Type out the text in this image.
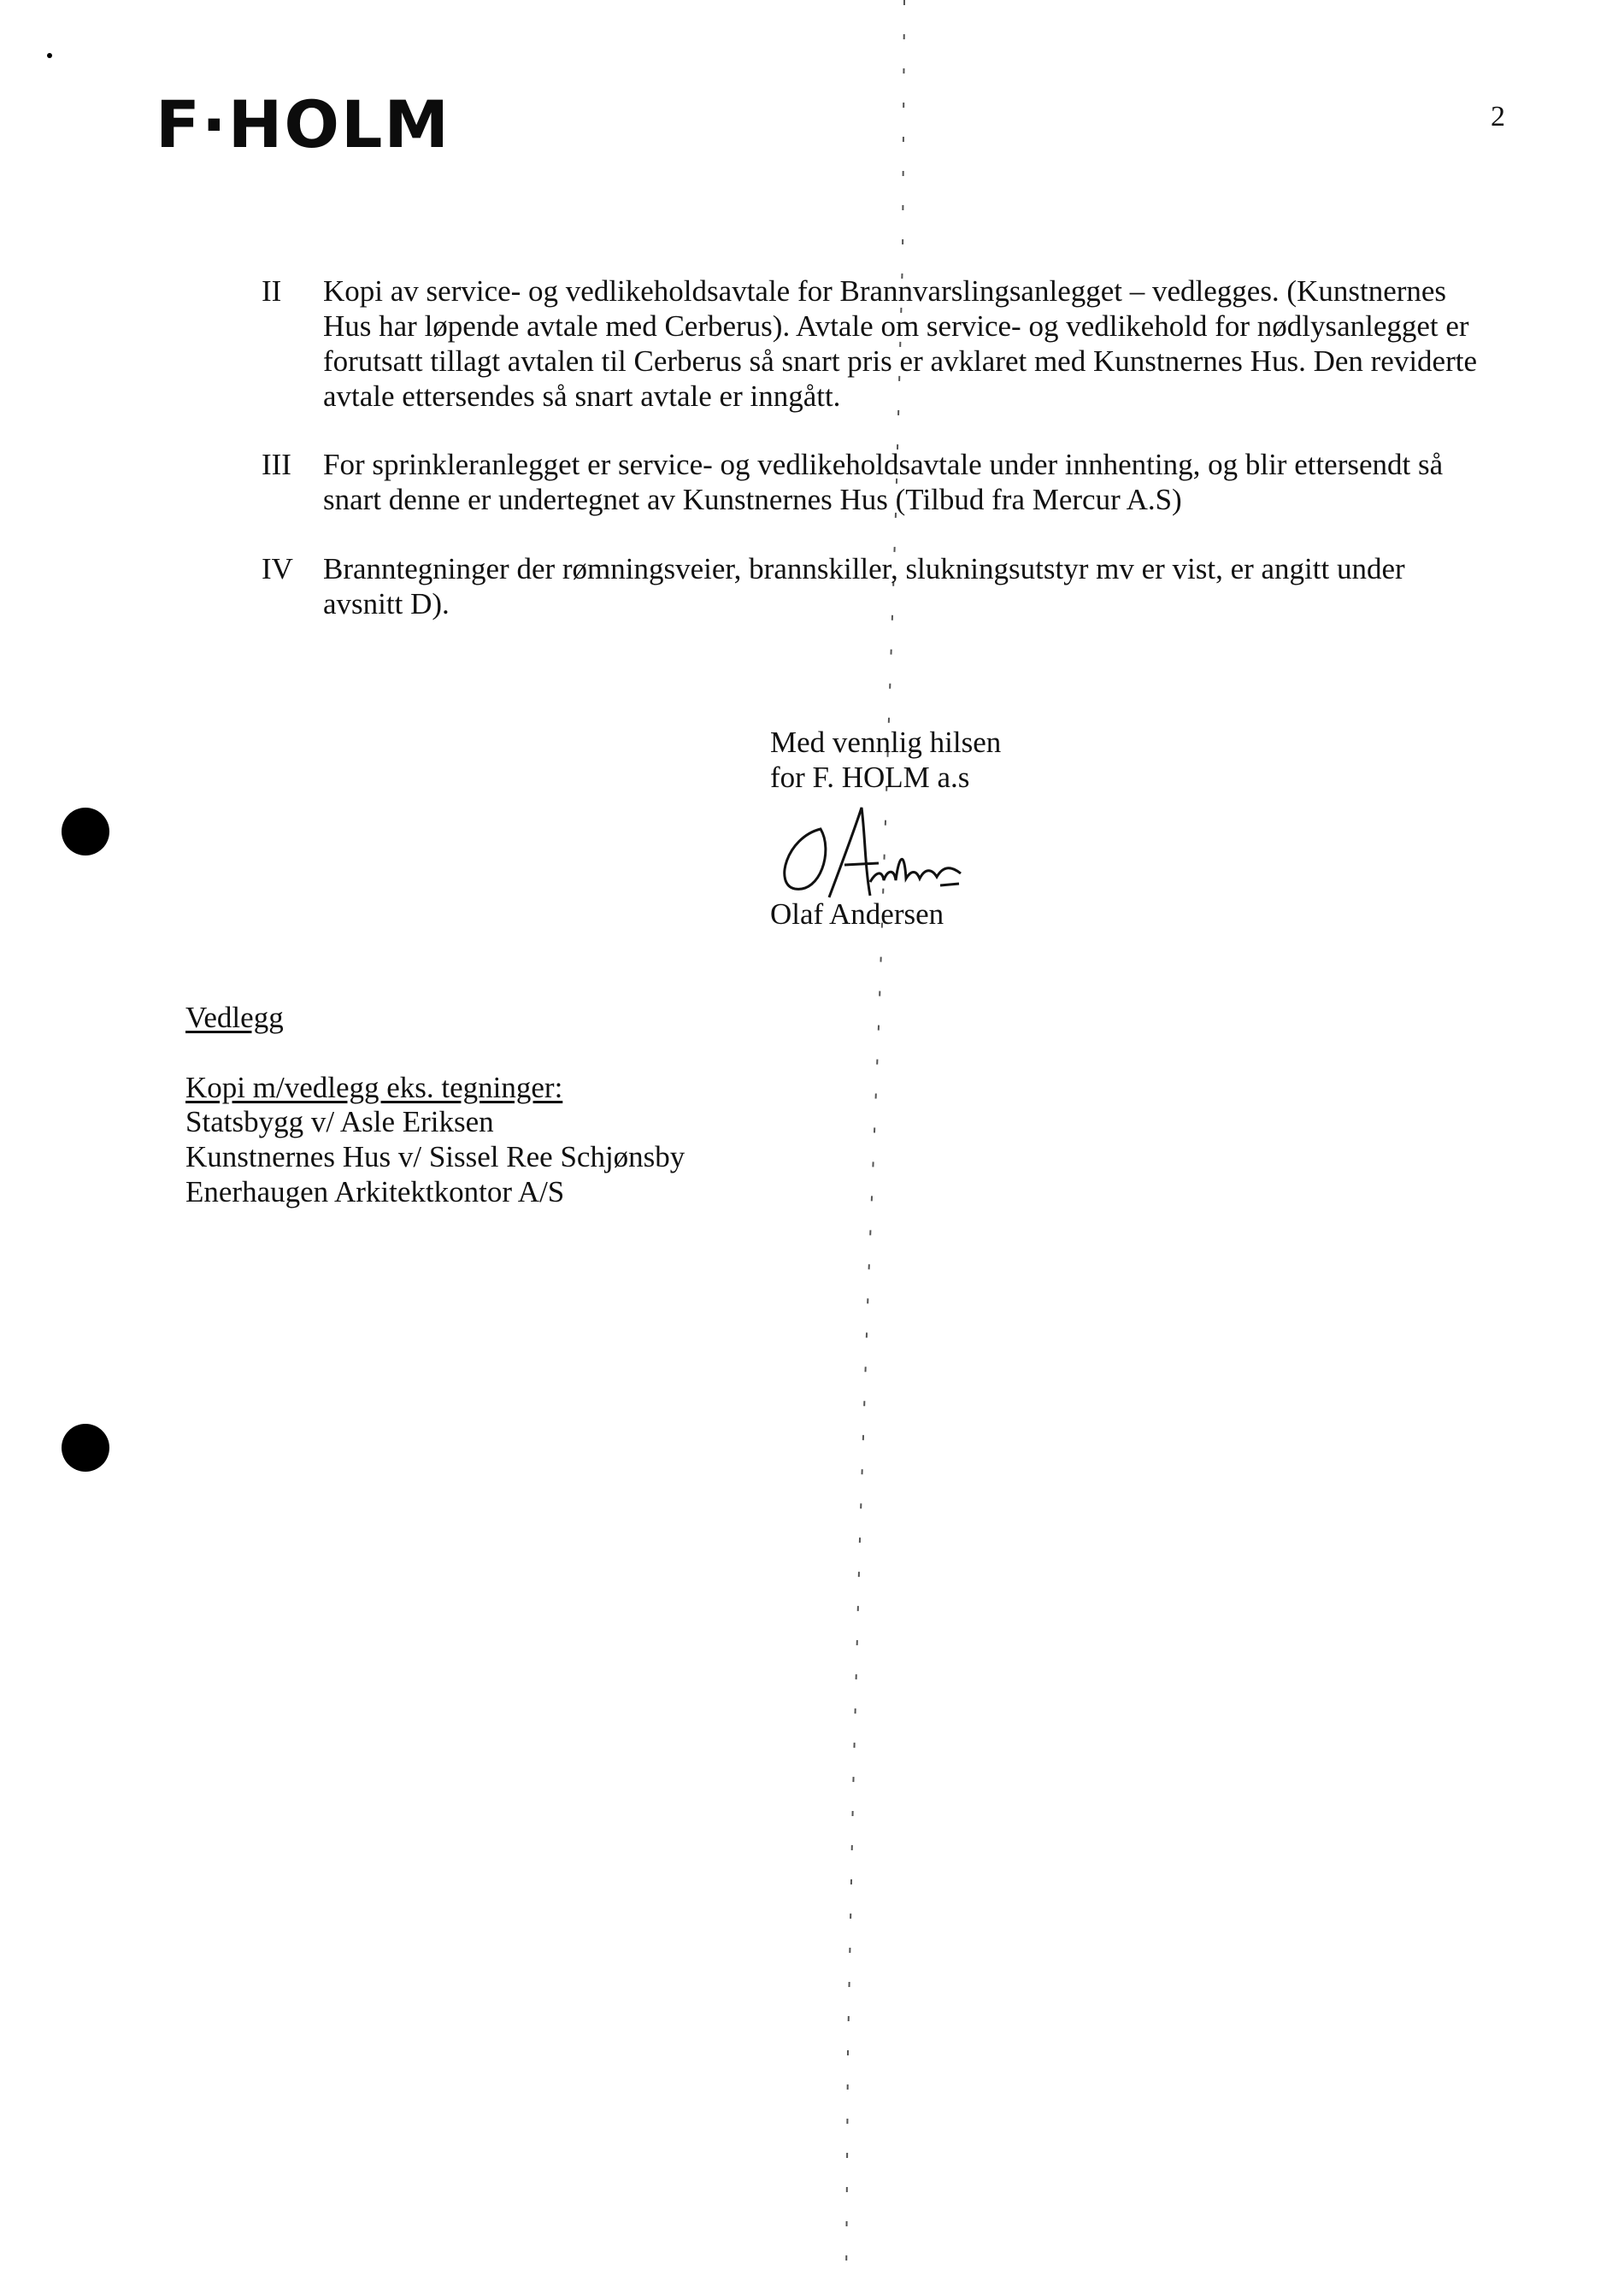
F·HOLM	2
II	Kopi av service- og vedlikeholdsavtale for Brannvarslingsanlegget – vedlegges. (Kunstnernes
Hus har løpende avtale med Cerberus). Avtale om service- og vedlikehold for nødlysanlegget er
forutsatt tillagt avtalen til Cerberus så snart pris er avklaret med Kunstnernes Hus. Den reviderte
avtale ettersendes så snart avtale er inngått.
III	For sprinkleranlegget er service- og vedlikeholdsavtale under innhenting, og blir ettersendt så
snart denne er undertegnet av Kunstnernes Hus (Tilbud fra Mercur A.S)
IV	Branntegninger der rømningsveier, brannskiller, slukningsutstyr mv er vist, er angitt under
avsnitt D).
Med vennlig hilsen
for F. HOLM a.s
Olaf Andersen
Vedlegg
Kopi m/vedlegg eks. tegninger:
Statsbygg v/ Asle Eriksen
Kunstnernes Hus v/ Sissel Ree Schjønsby
Enerhaugen Arkitektkontor A/S
